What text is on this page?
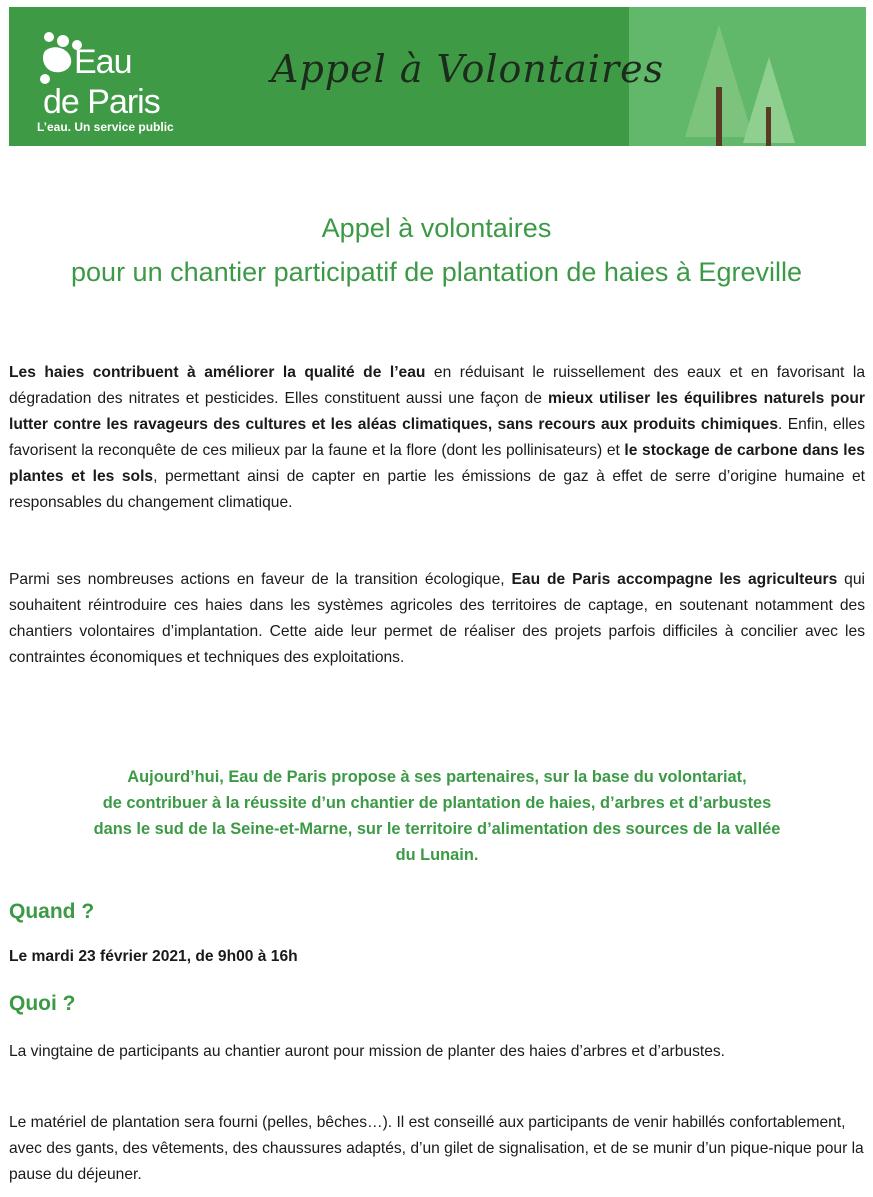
Eau
de Paris
L’eau. Un service public
Appel à Volontaires
Appel à volontaires
pour un chantier participatif de plantation de haies à Egreville

Les haies contribuent à améliorer la qualité de l’eau en réduisant le ruissellement des eaux et en favorisant la dégradation des nitrates et pesticides. Elles constituent aussi une façon de mieux utiliser les équilibres naturels pour lutter contre les ravageurs des cultures et les aléas climatiques, sans recours aux produits chimiques. Enfin, elles favorisent la reconquête de ces milieux par la faune et la flore (dont les pollinisateurs) et le stockage de carbone dans les plantes et les sols, permettant ainsi de capter en partie les émissions de gaz à effet de serre d’origine humaine et responsables du changement climatique.

Parmi ses nombreuses actions en faveur de la transition écologique, Eau de Paris accompagne les agriculteurs qui souhaitent réintroduire ces haies dans les systèmes agricoles des territoires de captage, en soutenant notamment des chantiers volontaires d’implantation. Cette aide leur permet de réaliser des projets parfois difficiles à concilier avec les contraintes économiques et techniques des exploitations.

Aujourd’hui, Eau de Paris propose à ses partenaires, sur la base du volontariat,
de contribuer à la réussite d’un chantier de plantation de haies, d’arbres et d’arbustes
dans le sud de la Seine-et-Marne, sur le territoire d’alimentation des sources de la vallée
du Lunain.
Quand ?
Le mardi 23 février 2021, de 9h00 à 16h
Quoi ?

La vingtaine de participants au chantier auront pour mission de planter des haies d’arbres et d’arbustes.

Le matériel de plantation sera fourni (pelles, bêches…). Il est conseillé aux participants de venir habillés confortablement, avec des gants, des vêtements, des chaussures adaptés, d’un gilet de signalisation, et de se munir d’un pique-nique pour la pause du déjeuner.
